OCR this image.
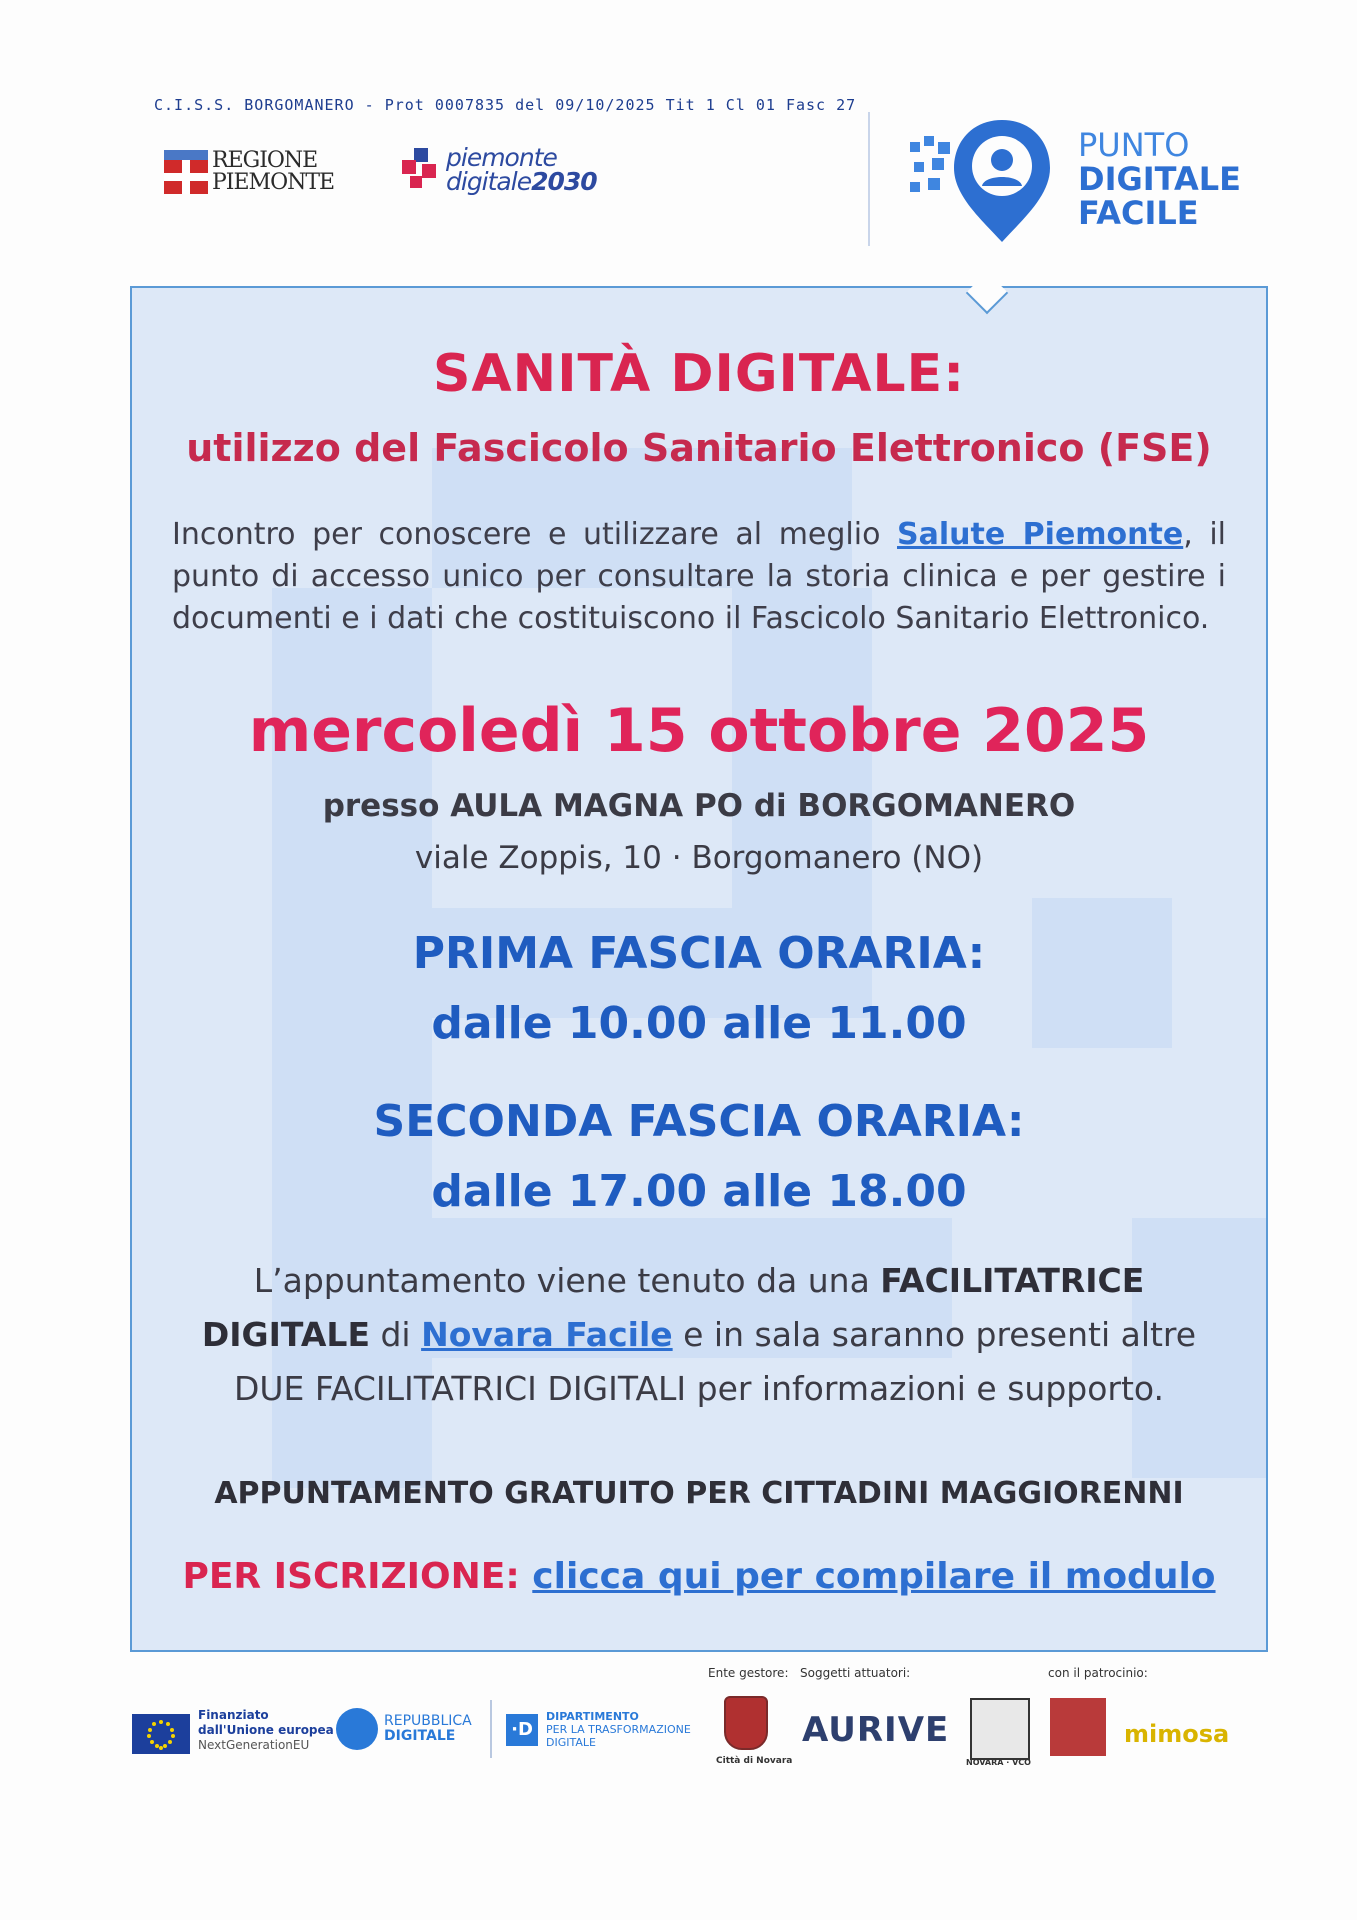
C.I.S.S. BORGOMANERO - Prot 0007835 del 09/10/2025 Tit 1 Cl 01 Fasc 27
REGIONE
PIEMONTE
piemonte
digitale2030
PUNTO
DIGITALE
FACILE
SANITÀ DIGITALE:
utilizzo del Fascicolo Sanitario Elettronico (FSE)
Incontro per conoscere e utilizzare al meglio Salute Piemonte, il punto di accesso unico per consultare la storia clinica e per gestire i documenti e i dati che costituiscono il Fascicolo Sanitario Elettronico.
mercoledì 15 ottobre 2025
presso AULA MAGNA PO di BORGOMANERO
viale Zoppis, 10 · Borgomanero (NO)
PRIMA FASCIA ORARIA:
dalle 10.00 alle 11.00
SECONDA FASCIA ORARIA:
dalle 17.00 alle 18.00
L’appuntamento viene tenuto da una FACILITATRICE DIGITALE di Novara Facile e in sala saranno presenti altre DUE FACILITATRICI DIGITALI per informazioni e supporto.
APPUNTAMENTO GRATUITO PER CITTADINI MAGGIORENNI
PER ISCRIZIONE: clicca qui per compilare il modulo
Ente gestore: Soggetti attuatori:	con il patrocinio:
Finanziato
dall'Unione europea
NextGenerationEU
REPUBBLICA
DIGITALE	·D
DIPARTIMENTO
PER LA TRASFORMAZIONE
DIGITALE
Città di Novara
AURIVE
NOVARA · VCO
mimosa
